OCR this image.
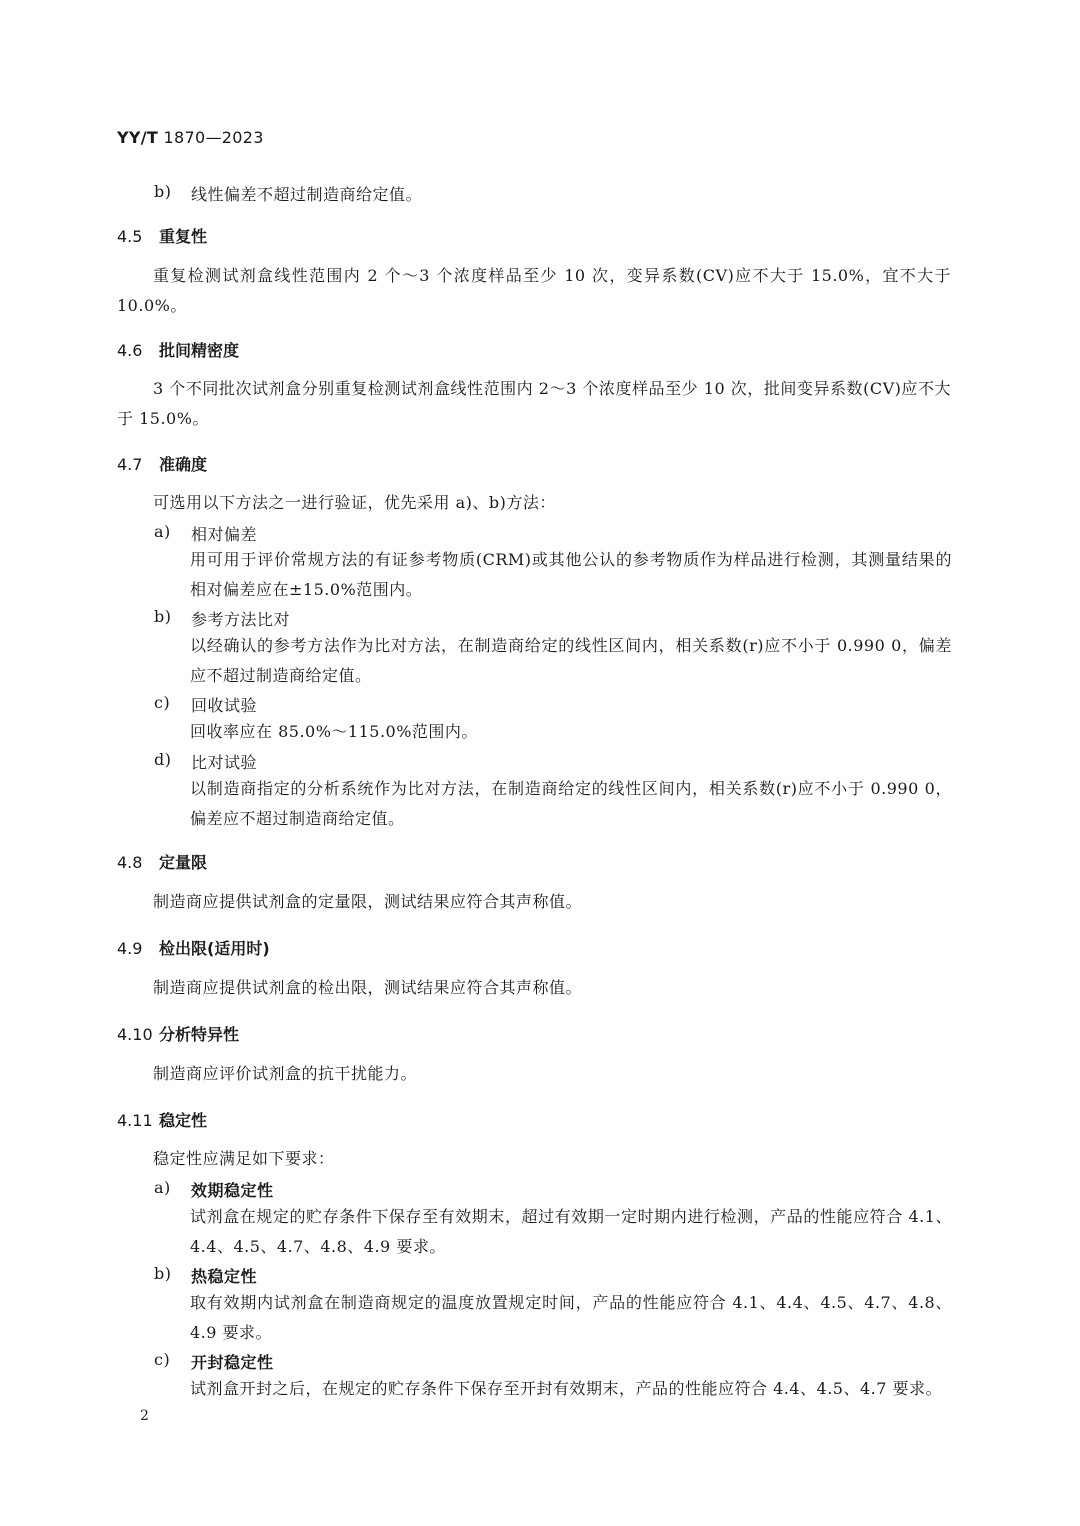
YY/T 1870—2023
b) 线性偏差不超过制造商给定值。
4.5 重复性
重复检测试剂盒线性范围内 2 个～3 个浓度样品至少 10 次，变异系数(CV)应不大于 15.0%，宜不大于 10.0%。
4.6 批间精密度
3 个不同批次试剂盒分别重复检测试剂盒线性范围内 2～3 个浓度样品至少 10 次，批间变异系数(CV)应不大于 15.0%。
4.7 准确度
可选用以下方法之一进行验证，优先采用 a)、b)方法：
a) 相对偏差
用可用于评价常规方法的有证参考物质(CRM)或其他公认的参考物质作为样品进行检测，其测量结果的相对偏差应在±15.0%范围内。
b) 参考方法比对
以经确认的参考方法作为比对方法，在制造商给定的线性区间内，相关系数(r)应不小于 0.990 0，偏差应不超过制造商给定值。
c) 回收试验
回收率应在 85.0%～115.0%范围内。
d) 比对试验
以制造商指定的分析系统作为比对方法，在制造商给定的线性区间内，相关系数(r)应不小于 0.990 0，偏差应不超过制造商给定值。
4.8 定量限
制造商应提供试剂盒的定量限，测试结果应符合其声称值。
4.9 检出限(适用时)
制造商应提供试剂盒的检出限，测试结果应符合其声称值。
4.10 分析特异性
制造商应评价试剂盒的抗干扰能力。
4.11 稳定性
稳定性应满足如下要求：
a) 效期稳定性
试剂盒在规定的贮存条件下保存至有效期末，超过有效期一定时期内进行检测，产品的性能应符合 4.1、4.4、4.5、4.7、4.8、4.9 要求。
b) 热稳定性
取有效期内试剂盒在制造商规定的温度放置规定时间，产品的性能应符合 4.1、4.4、4.5、4.7、4.8、4.9 要求。
c) 开封稳定性
试剂盒开封之后，在规定的贮存条件下保存至开封有效期末，产品的性能应符合 4.4、4.5、4.7 要求。
2
